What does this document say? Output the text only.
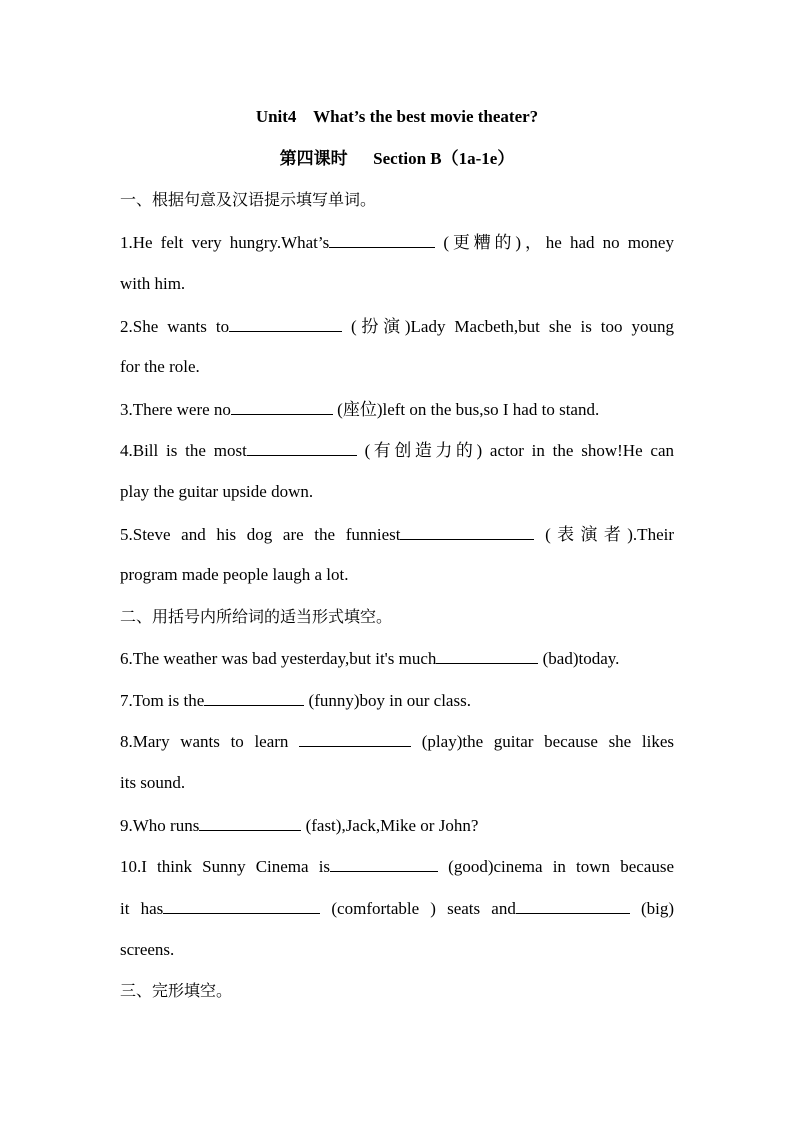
Unit4    What’s the best movie theater?
第四课时      Section B（1a-1e）
一、根据句意及汉语提示填写单词。
1.He felt very hungry.What’s	(更糟的)，he had no money
with him.
2.She wants to	(扮演)Lady Macbeth,but she is too young
for the role.
3.There were no	(座位)left on the bus,so I had to stand.
4.Bill is the most	(有创造力的) actor in the show!He can
play the guitar upside down.
5.Steve and his dog are the funniest	(表演者).Their
program made people laugh a lot.
二、用括号内所给词的适当形式填空。
6.The weather was bad yesterday,but it's much	(bad)today.
7.Tom is the	(funny)boy in our class.
8.Mary wants to learn	(play)the guitar because she likes
its sound.
9.Who runs	(fast),Jack,Mike or John?
10.I think Sunny Cinema is	(good)cinema in town because
it has	(comfortable ) seats and	(big)
screens.
三、完形填空。
